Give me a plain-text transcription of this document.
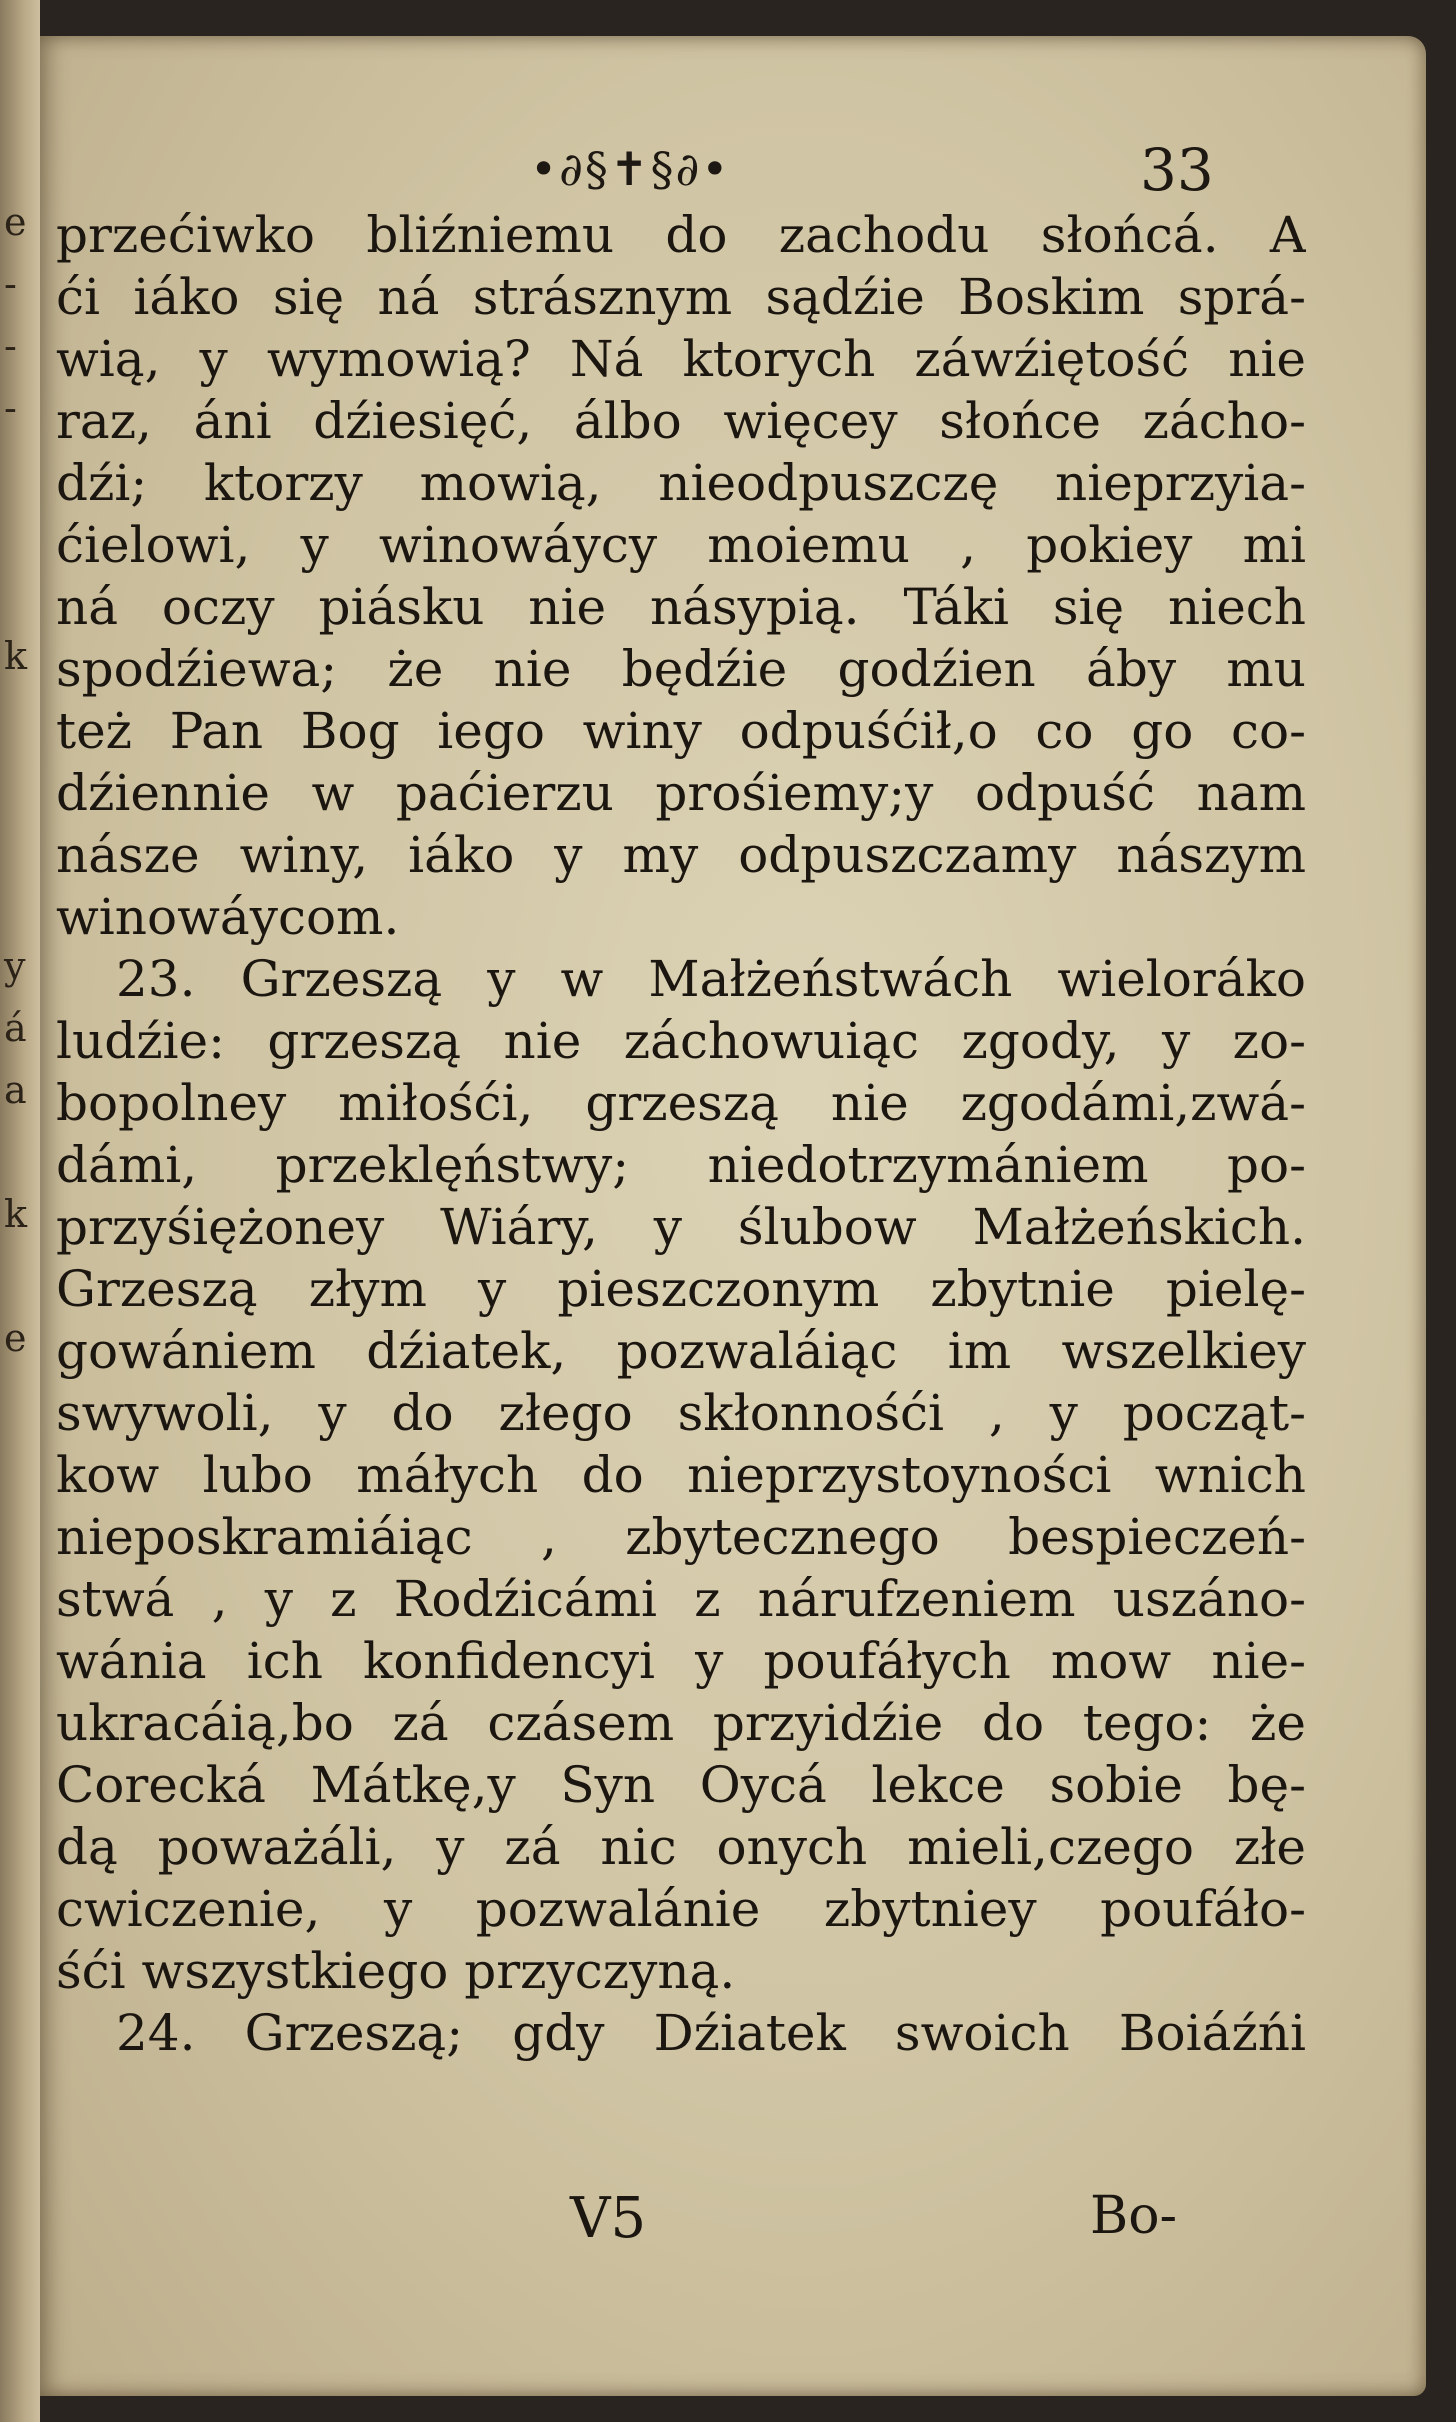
e
-
-
-
k
y
á
a
k
e
•∂§✝§∂•	33
przećiwko bliźniemu do zachodu słońcá. A
ći iáko się ná strásznym sądźie Boskim sprá-
wią, y wymowią? Ná ktorych záwźiętość nie
raz, áni dźiesięć, álbo więcey słońce zácho-
dźi; ktorzy mowią, nieodpuszczę nieprzyia-
ćielowi, y winowáycy moiemu , pokiey mi
ná oczy piásku nie násypią. Táki się niech
spodźiewa; że nie będźie godźien áby mu
też Pan Bog iego winy odpuśćił,o co go co-
dźiennie w paćierzu prośiemy;y odpuść nam
násze winy, iáko y my odpuszczamy nászym
winowáycom.
23. Grzeszą y w Małżeństwách wieloráko
ludźie: grzeszą nie záchowuiąc zgody, y zo-
bopolney miłośći, grzeszą nie zgodámi,zwá-
dámi, przeklęństwy; niedotrzymániem po-
przyśiężoney Wiáry, y ślubow Małżeńskich.
Grzeszą złym y pieszczonym zbytnie pielę-
gowániem dźiatek, pozwaláiąc im wszelkiey
swywoli, y do złego skłonnośći , y począt-
kow lubo máłych do nieprzystoyności wnich
nieposkramiáiąc , zbytecznego bespieczeń-
stwá , y z Rodźicámi z nárufzeniem uszáno-
wánia ich konfidencyi y poufáłych mow nie-
ukracáią,bo zá czásem przyidźie do tego: że
Corecká Mátkę,y Syn Oycá lekce sobie bę-
dą poważáli, y zá nic onych mieli,czego złe
cwiczenie, y pozwalánie zbytniey poufáło-
śći wszystkiego przyczyną.
24. Grzeszą; gdy Dźiatek swoich Boiáźńi
V5	Bo-
